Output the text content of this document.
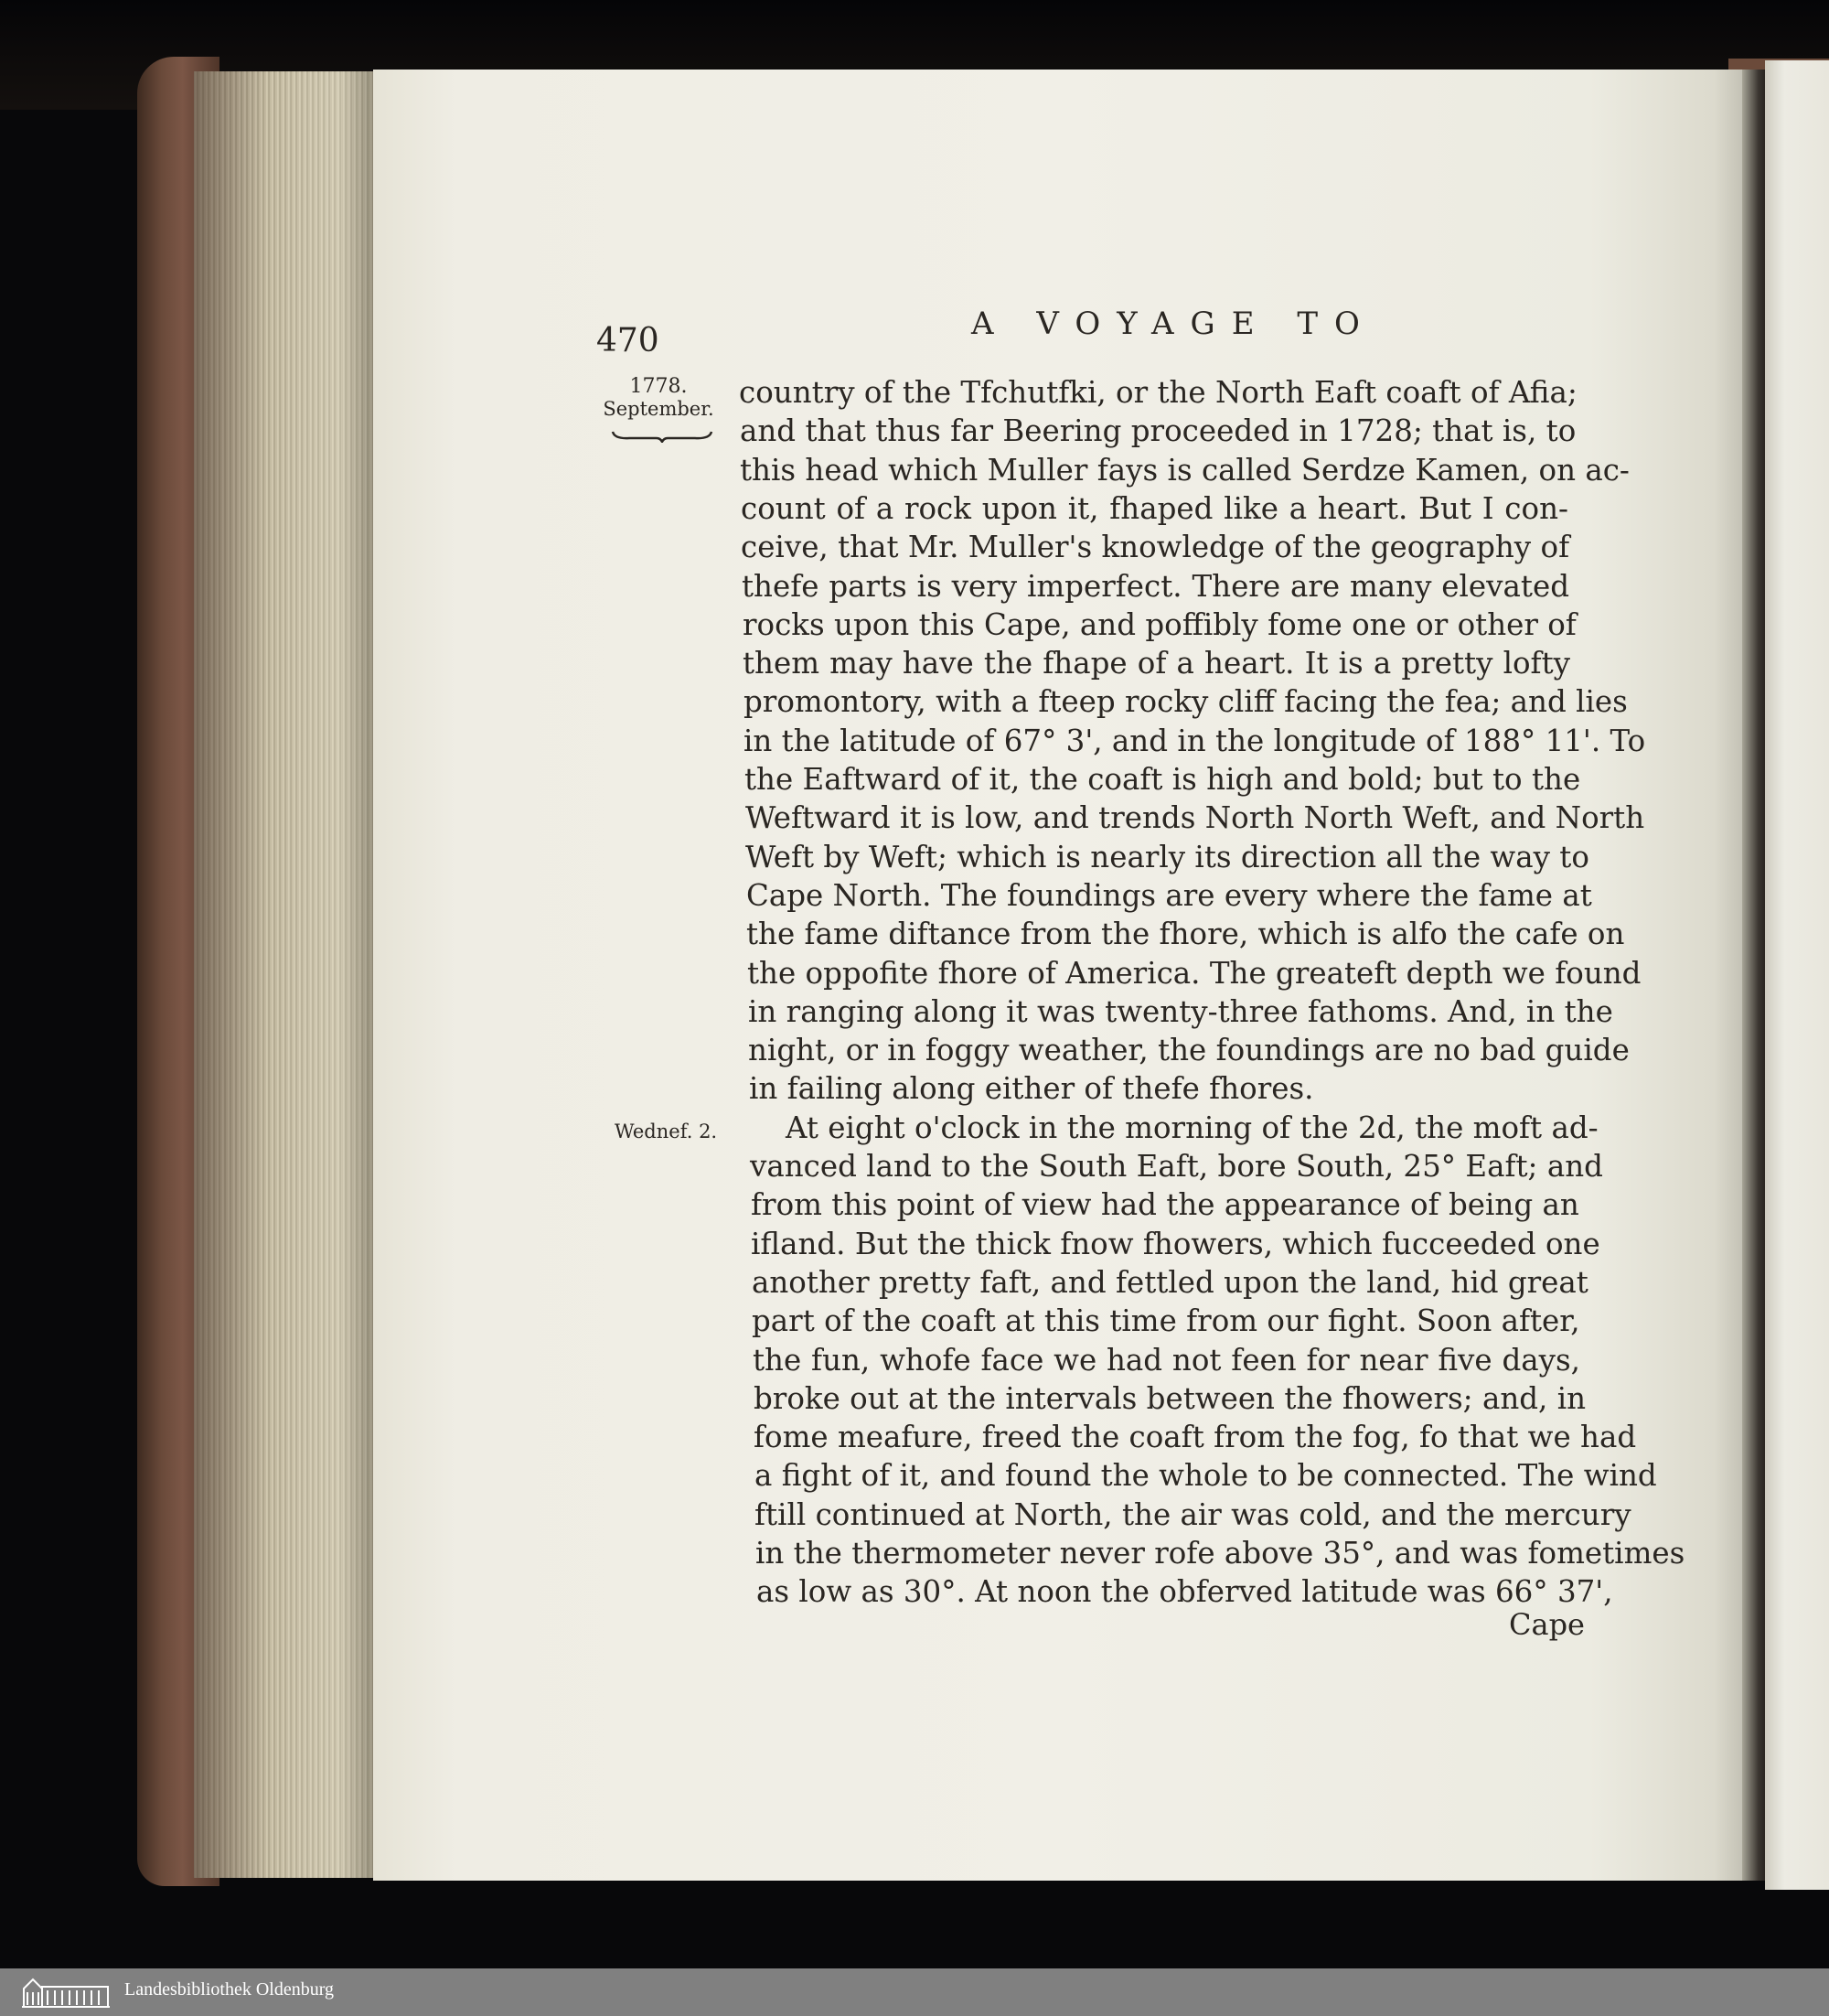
470	A VOYAGE TO
1778.
September.
Wednef. 2.
country of the Tfchutfki, or the North Eaft coaft of Afia;
and that thus far Beering proceeded in 1728; that is, to
this head which Muller fays is called Serdze Kamen, on ac-
count of a rock upon it, fhaped like a heart. But I con-
ceive, that Mr. Muller's knowledge of the geography of
thefe parts is very imperfect. There are many elevated
rocks upon this Cape, and poffibly fome one or other of
them may have the fhape of a heart. It is a pretty lofty
promontory, with a fteep rocky cliff facing the fea; and lies
in the latitude of 67° 3', and in the longitude of 188° 11'. To
the Eaftward of it, the coaft is high and bold; but to the
Weftward it is low, and trends North North Weft, and North
Weft by Weft; which is nearly its direction all the way to
Cape North. The foundings are every where the fame at
the fame diftance from the fhore, which is alfo the cafe on
the oppofite fhore of America. The greateft depth we found
in ranging along it was twenty-three fathoms. And, in the
night, or in foggy weather, the foundings are no bad guide
in failing along either of thefe fhores.
At eight o'clock in the morning of the 2d, the moft ad-
vanced land to the South Eaft, bore South, 25° Eaft; and
from this point of view had the appearance of being an
ifland. But the thick fnow fhowers, which fucceeded one
another pretty faft, and fettled upon the land, hid great
part of the coaft at this time from our fight. Soon after,
the fun, whofe face we had not feen for near five days,
broke out at the intervals between the fhowers; and, in
fome meafure, freed the coaft from the fog, fo that we had
a fight of it, and found the whole to be connected. The wind
ftill continued at North, the air was cold, and the mercury
in the thermometer never rofe above 35°, and was fometimes
as low as 30°. At noon the obferved latitude was 66° 37',
Cape
Landesbibliothek Oldenburg
